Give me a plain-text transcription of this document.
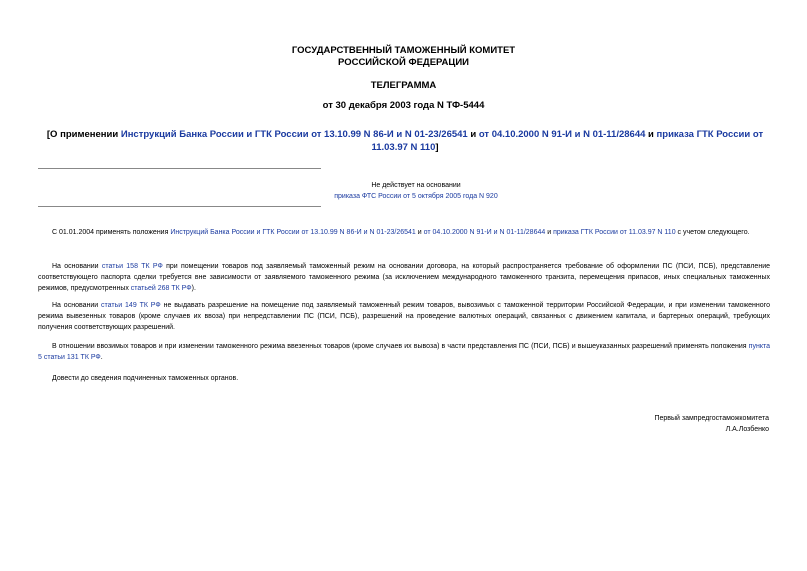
ГОСУДАРСТВЕННЫЙ ТАМОЖЕННЫЙ КОМИТЕТ
РОССИЙСКОЙ ФЕДЕРАЦИИ
ТЕЛЕГРАММА
от 30 декабря 2003 года N ТФ-5444
[О применении Инструкций Банка России и ГТК России от 13.10.99 N 86-И и N 01-23/26541 и от 04.10.2000 N 91-И и N 01-11/28644 и приказа ГТК России от 11.03.97 N 110]
Не действует на основании
приказа ФТС России от 5 октября 2005 года N 920
С 01.01.2004 применять положения Инструкций Банка России и ГТК России от 13.10.99 N 86-И и N 01-23/26541 и от 04.10.2000 N 91-И и N 01-11/28644 и приказа ГТК России от 11.03.97 N 110 с учетом следующего.
На основании статьи 158 ТК РФ при помещении товаров под заявляемый таможенный режим на основании договора, на который распространяется требование об оформлении ПС (ПСИ, ПСБ), представление соответствующего паспорта сделки требуется вне зависимости от заявляемого таможенного режима (за исключением международного таможенного транзита, перемещения припасов, иных специальных таможенных режимов, предусмотренных статьей 268 ТК РФ).
На основании статьи 149 ТК РФ не выдавать разрешение на помещение под заявляемый таможенный режим товаров, вывозимых с таможенной территории Российской Федерации, и при изменении таможенного режима вывезенных товаров (кроме случаев их ввоза) при непредставлении ПС (ПСИ, ПСБ), разрешений на проведение валютных операций, связанных с движением капитала, и бартерных операций, требующих получения соответствующих разрешений.
В отношении ввозимых товаров и при изменении таможенного режима ввезенных товаров (кроме случаев их вывоза) в части представления ПС (ПСИ, ПСБ) и вышеуказанных разрешений применять положения пункта 5 статьи 131 ТК РФ.
Довести до сведения подчиненных таможенных органов.
Первый зампредгостаможкомитета
Л.А.Лозбенко
